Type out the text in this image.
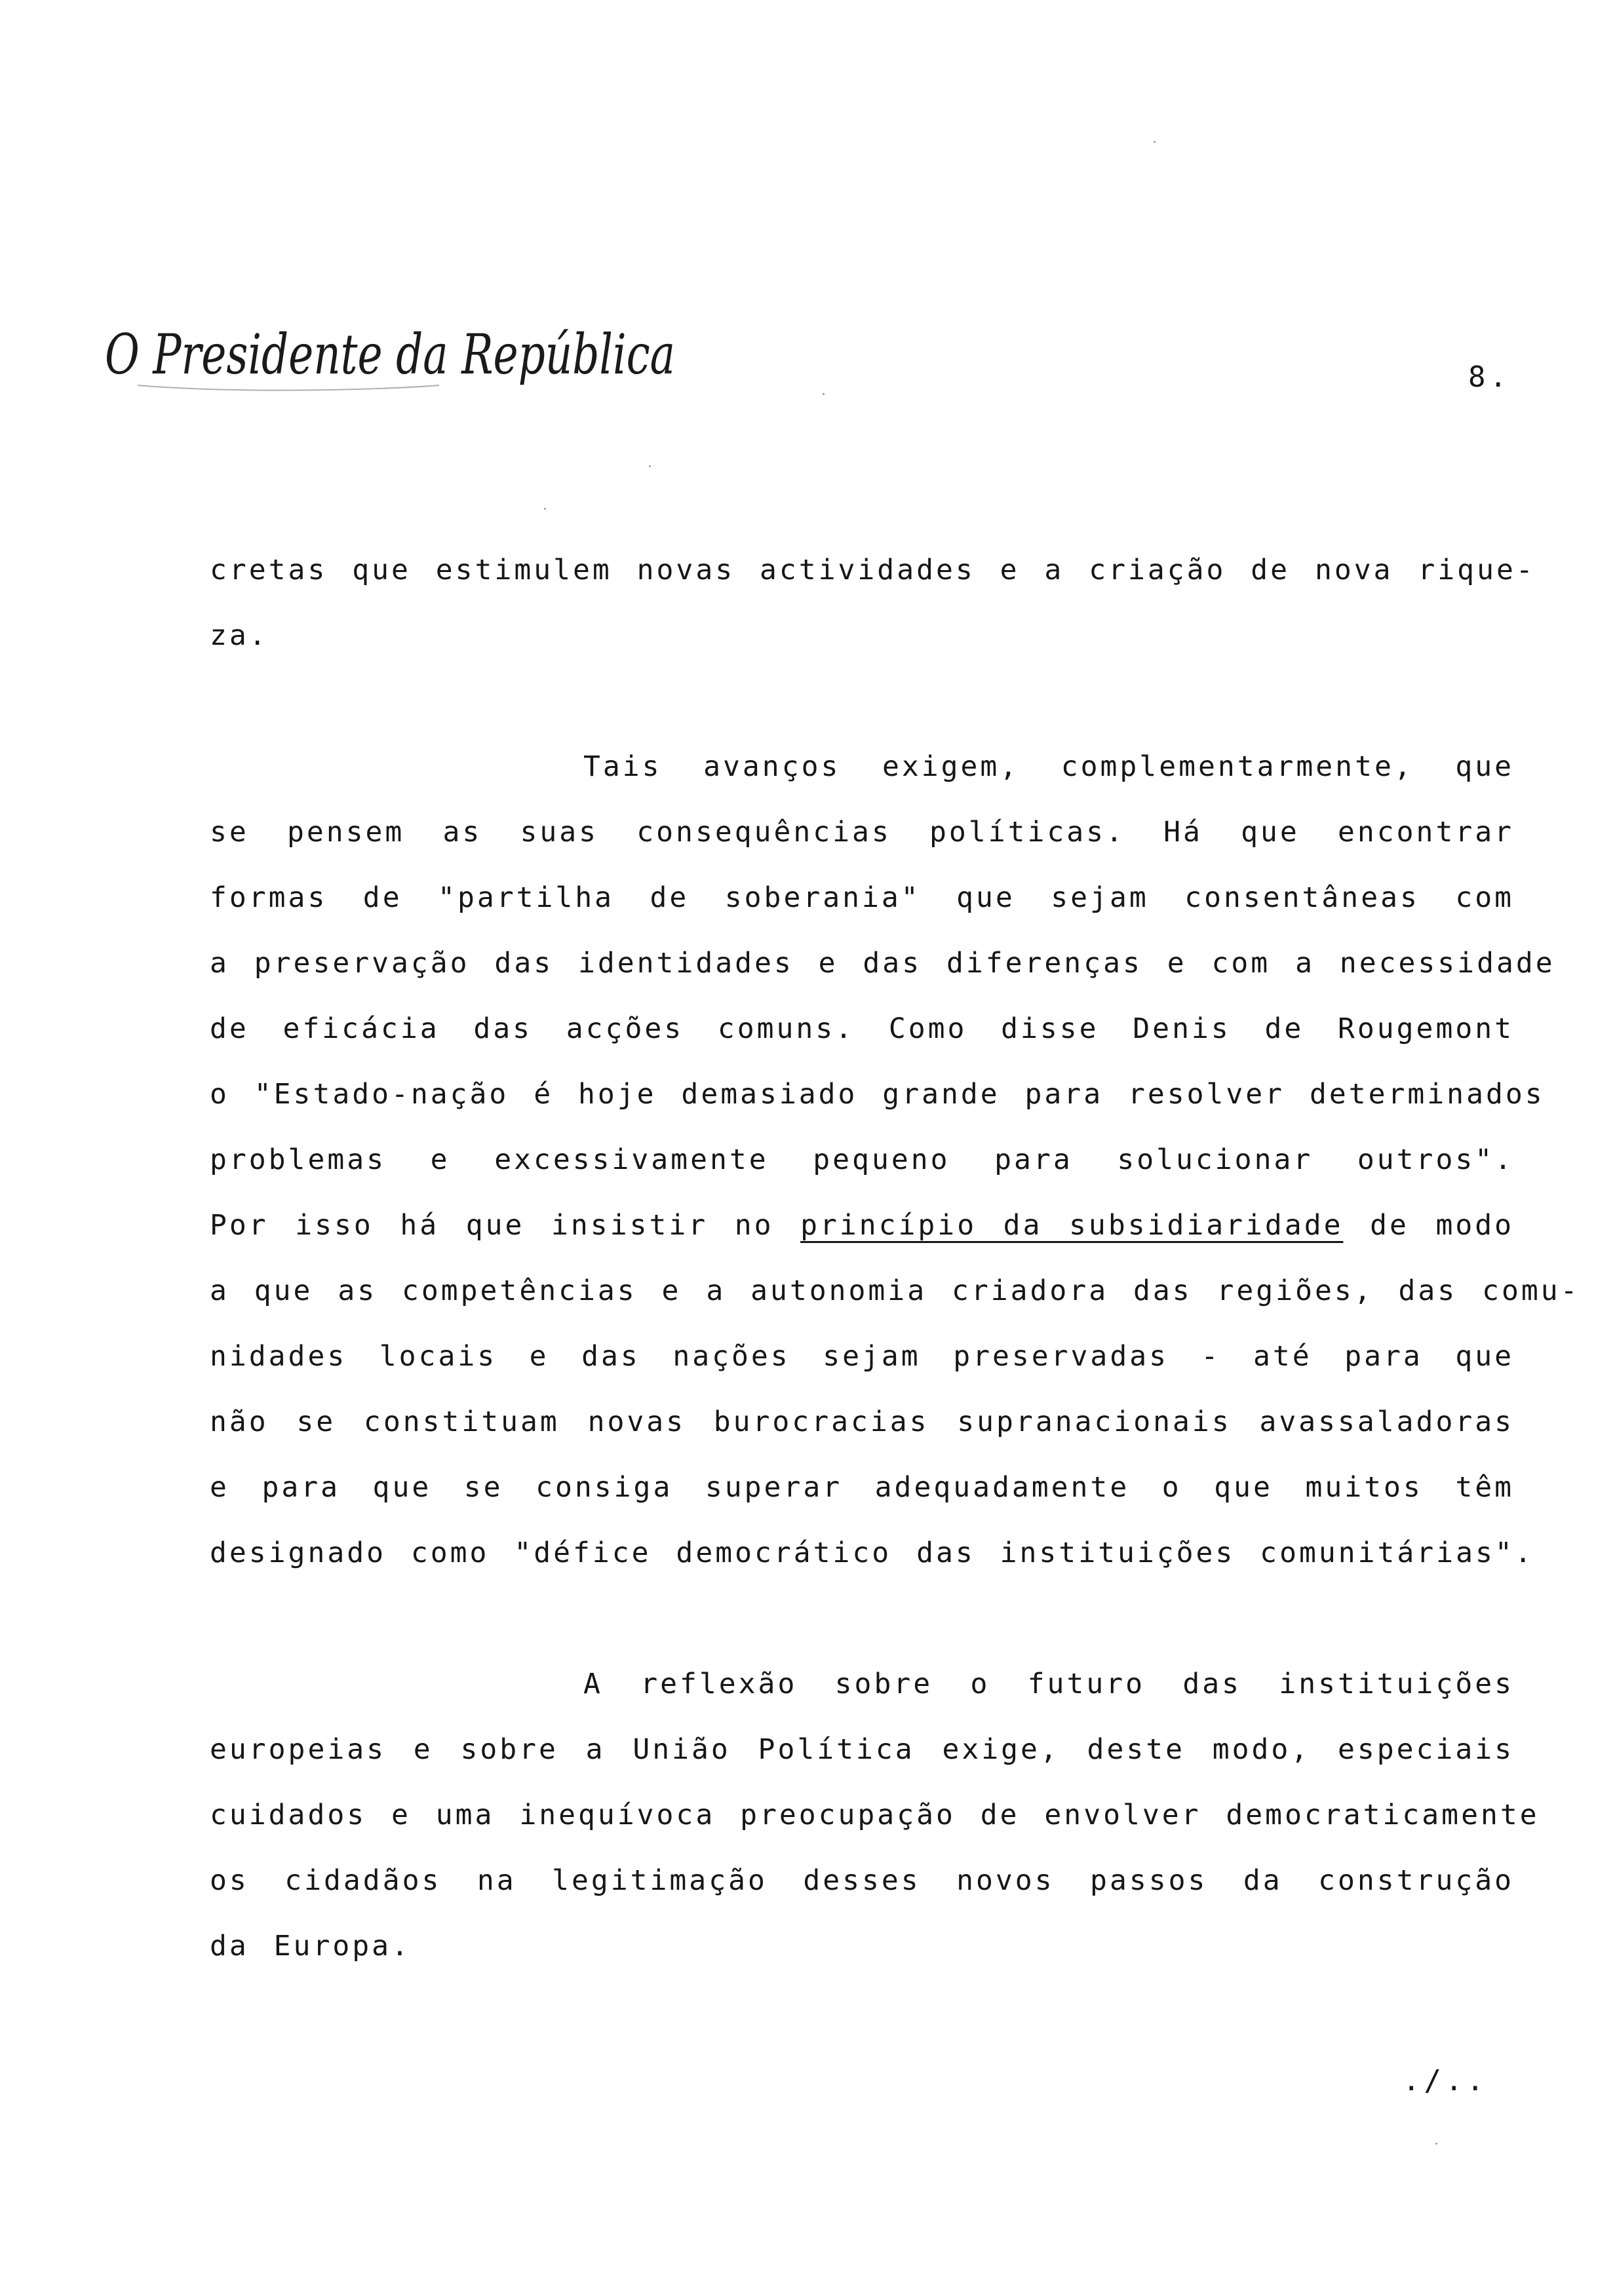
O Presidente da República	8.
cretas que estimulem novas actividades e a criação de nova rique-
za.
Tais avanços exigem, complementarmente, que
se pensem as suas consequências políticas. Há que encontrar
formas de "partilha de soberania" que sejam consentâneas com
a preservação das identidades e das diferenças e com a necessidade
de eficácia das acções comuns. Como disse Denis de Rougemont
o "Estado-nação é hoje demasiado grande para resolver determinados
problemas e excessivamente pequeno para solucionar outros".
Por isso há que insistir no princípio da subsidiaridade de modo
a que as competências e a autonomia criadora das regiões, das comu-
nidades locais e das nações sejam preservadas - até para que
não se constituam novas burocracias supranacionais avassaladoras
e para que se consiga superar adequadamente o que muitos têm
designado como "défice democrático das instituições comunitárias".
A reflexão sobre o futuro das instituições
europeias e sobre a União Política exige, deste modo, especiais
cuidados e uma inequívoca preocupação de envolver democraticamente
os cidadãos na legitimação desses novos passos da construção
da Europa.
./..
